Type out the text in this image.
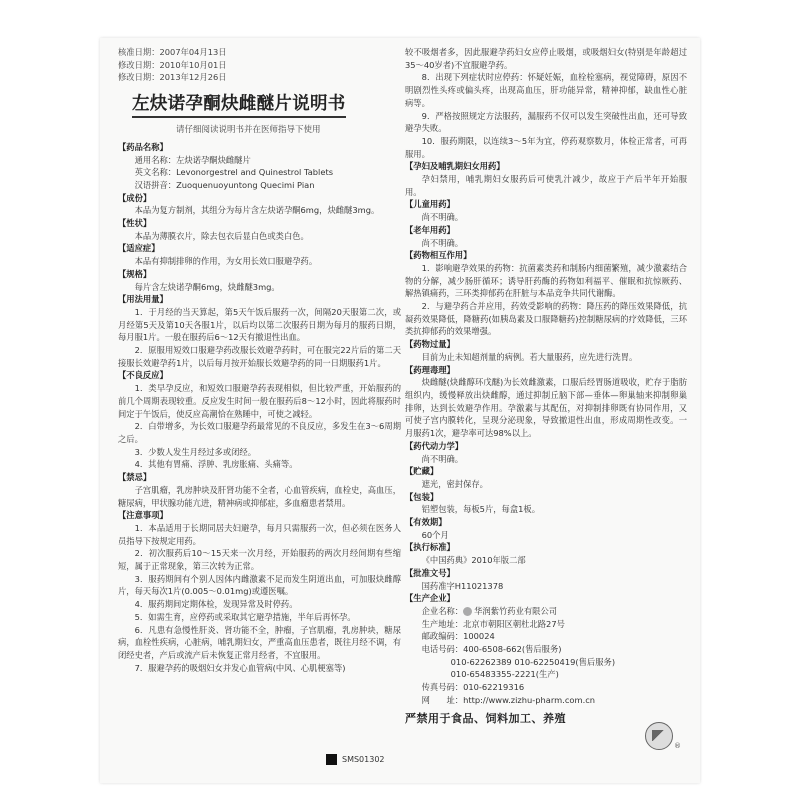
核准日期：2007年04月13日

修改日期：2010年10月01日

修改日期：2013年12月26日

左炔诺孕酮炔雌醚片说明书

请仔细阅读说明书并在医师指导下使用

【药品名称】

通用名称：左炔诺孕酮炔雌醚片

英文名称：Levonorgestrel and Quinestrol Tablets

汉语拼音：Zuoquenuoyuntong Quecimi Pian

【成份】

本品为复方制剂，其组分为每片含左炔诺孕酮6mg，炔雌醚3mg。

【性状】

本品为薄膜衣片，除去包衣后显白色或类白色。

【适应症】

本品有抑制排卵的作用，为女用长效口服避孕药。

【规格】

每片含左炔诺孕酮6mg，炔雌醚3mg。

【用法用量】

1．于月经的当天算起，第5天午饭后服药一次，间隔20天服第二次，或月经第5天及第10天各服1片，以后均以第二次服药日期为每月的服药日期，每月服1片。一般在服药后6～12天有撤退性出血。

2．原服用短效口服避孕药改服长效避孕药时，可在服完22片后的第二天接服长效避孕药1片，以后每月按开始服长效避孕药的同一日期服药1片。

【不良反应】

1．类早孕反应，和短效口服避孕药表现相似，但比较严重，开始服药的前几个周期表现较重。反应发生时间一般在服药后8～12小时，因此将服药时间定于午饭后，使反应高潮恰在熟睡中，可使之减轻。

2．白带增多，为长效口服避孕药最常见的不良反应，多发生在3～6周期之后。

3．少数人发生月经过多或闭经。

4．其他有胃痛、浮肿、乳房胀痛、头痛等。

【禁忌】

子宫肌瘤，乳房肿块及肝肾功能不全者，心血管疾病，血栓史，高血压，糖尿病，甲状腺功能亢进，精神病或抑郁症，多血瘤患者禁用。

【注意事项】

1．本品适用于长期同居夫妇避孕，每月只需服药一次，但必须在医务人员指导下按规定用药。

2．初次服药后10～15天来一次月经，开始服药的两次月经间期有些缩短，属于正常现象，第三次转为正常。

3．服药期间有个别人因体内雌激素不足而发生阴道出血，可加服炔雌醇片，每天每次1片(0.005～0.01mg)或遵医嘱。

4．服药期间定期体检，发现异常及时停药。

5．如需生育，应停药或采取其它避孕措施，半年后再怀孕。

6．凡患有急慢性肝炎、肾功能不全，肿瘤，子宫肌瘤，乳房肿块，糖尿病，血栓性疾病，心脏病，哺乳期妇女，严重高血压患者，既往月经不调，有闭经史者，产后或流产后未恢复正常月经者，不宜服用。

7．服避孕药的吸烟妇女并发心血管病(中风、心肌梗塞等)

较不吸烟者多，因此服避孕药妇女应停止吸烟，或吸烟妇女(特别是年龄超过35～40岁者)不宜服避孕药。

8．出现下列症状时应停药：怀疑妊娠，血栓栓塞病，视觉障碍，原因不明剧烈性头疼或偏头疼，出现高血压，肝功能异常，精神抑郁，缺血性心脏病等。

9．严格按照规定方法服药，漏服药不仅可以发生突破性出血，还可导致避孕失败。

10．服药期限，以连续3～5年为宜，停药观察数月，体检正常者，可再服用。

【孕妇及哺乳期妇女用药】

孕妇禁用，哺乳期妇女服药后可使乳汁减少，故应于产后半年开始服用。

【儿童用药】

尚不明确。

【老年用药】

尚不明确。

【药物相互作用】

1．影响避孕效果的药物：抗菌素类药和制肠内细菌繁殖，减少激素结合物的分解，减少肠肝循环；诱导肝药酶的药物如利福平、催眠和抗惊厥药、解热镇痛药，三环类抑郁药在肝脏与本品竞争共同代谢酶。

2．与避孕药合并应用，药效受影响的药物：降压药的降压效果降低，抗凝药效果降低，降糖药(如胰岛素及口服降糖药)控制糖尿病的疗效降低，三环类抗抑郁药的效果增强。

【药物过量】

目前为止未知超剂量的病例。若大量服药，应先进行洗胃。

【药理毒理】

炔雌醚(炔雌醇环戊醚)为长效雌激素，口服后经胃肠道吸收，贮存于脂肪组织内，缓慢释放出炔雌醇，通过抑制丘脑下部—垂体—卵巢轴来抑制卵巢排卵，达到长效避孕作用。孕激素与其配伍，对抑制排卵既有协同作用，又可使子宫内膜转化，呈现分泌现象，导致撤退性出血，形成周期性改变。一月服药1次，避孕率可达98%以上。

【药代动力学】

尚不明确。

【贮藏】

遮光，密封保存。

【包装】

铝塑包装，每板5片，每盒1板。

【有效期】

60个月

【执行标准】

《中国药典》2010年版二部

【批准文号】

国药准字H11021378

【生产企业】

企业名称： 华润紫竹药业有限公司

生产地址：北京市朝阳区朝杜北路27号

邮政编码：100024

电话号码：400-6508-662(售后服务)

010-62262389 010-62250419(售后服务)

010-65483355-2221(生产)

传真号码：010-62219316

网　　址：http://www.zizhu-pharm.com.cn

严禁用于食品、饲料加工、养殖

®
SMS01302
